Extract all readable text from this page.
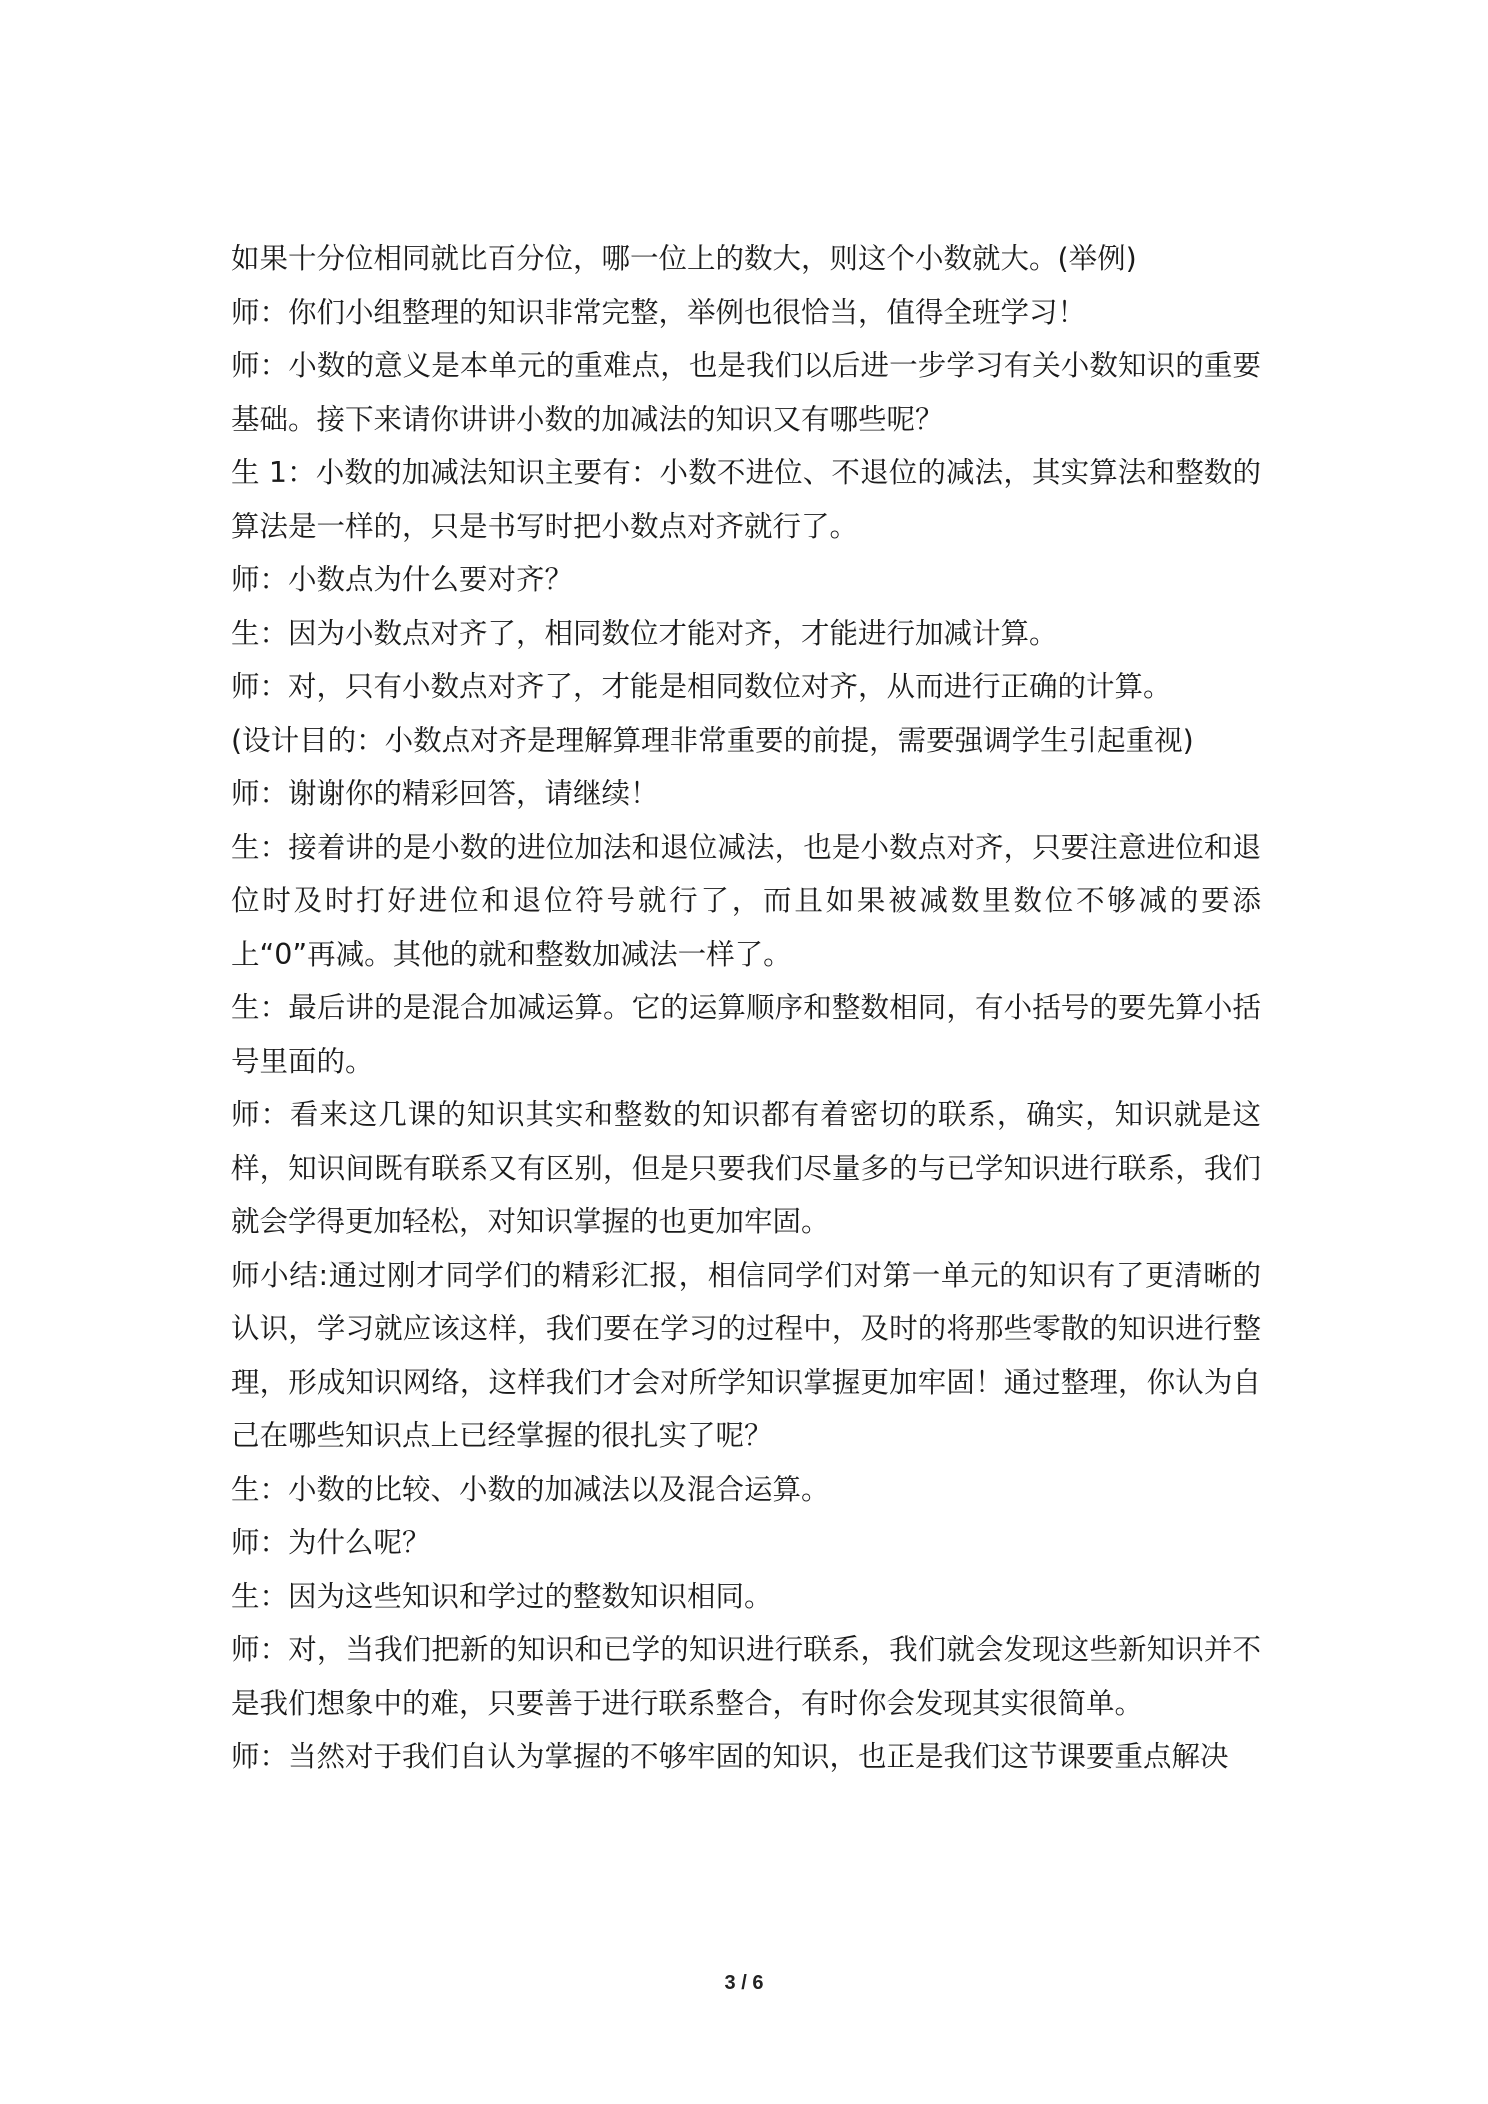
如果十分位相同就比百分位，哪一位上的数大，则这个小数就大。(举例)

师：你们小组整理的知识非常完整，举例也很恰当，值得全班学习！

师：小数的意义是本单元的重难点，也是我们以后进一步学习有关小数知识的重要基础。接下来请你讲讲小数的加减法的知识又有哪些呢？

生 1：小数的加减法知识主要有：小数不进位、不退位的减法，其实算法和整数的算法是一样的，只是书写时把小数点对齐就行了。

师：小数点为什么要对齐？

生：因为小数点对齐了，相同数位才能对齐，才能进行加减计算。

师：对，只有小数点对齐了，才能是相同数位对齐，从而进行正确的计算。

(设计目的：小数点对齐是理解算理非常重要的前提，需要强调学生引起重视)

师：谢谢你的精彩回答，请继续！

生：接着讲的是小数的进位加法和退位减法，也是小数点对齐，只要注意进位和退位时及时打好进位和退位符号就行了，而且如果被减数里数位不够减的要添上“0”再减。其他的就和整数加减法一样了。

生：最后讲的是混合加减运算。它的运算顺序和整数相同，有小括号的要先算小括号里面的。

师：看来这几课的知识其实和整数的知识都有着密切的联系，确实，知识就是这样，知识间既有联系又有区别，但是只要我们尽量多的与已学知识进行联系，我们就会学得更加轻松，对知识掌握的也更加牢固。

师小结:通过刚才同学们的精彩汇报，相信同学们对第一单元的知识有了更清晰的认识，学习就应该这样，我们要在学习的过程中，及时的将那些零散的知识进行整理，形成知识网络，这样我们才会对所学知识掌握更加牢固！通过整理，你认为自己在哪些知识点上已经掌握的很扎实了呢？

生：小数的比较、小数的加减法以及混合运算。

师：为什么呢？

生：因为这些知识和学过的整数知识相同。

师：对，当我们把新的知识和已学的知识进行联系，我们就会发现这些新知识并不是我们想象中的难，只要善于进行联系整合，有时你会发现其实很简单。

师：当然对于我们自认为掌握的不够牢固的知识，也正是我们这节课要重点解决

3 / 6
